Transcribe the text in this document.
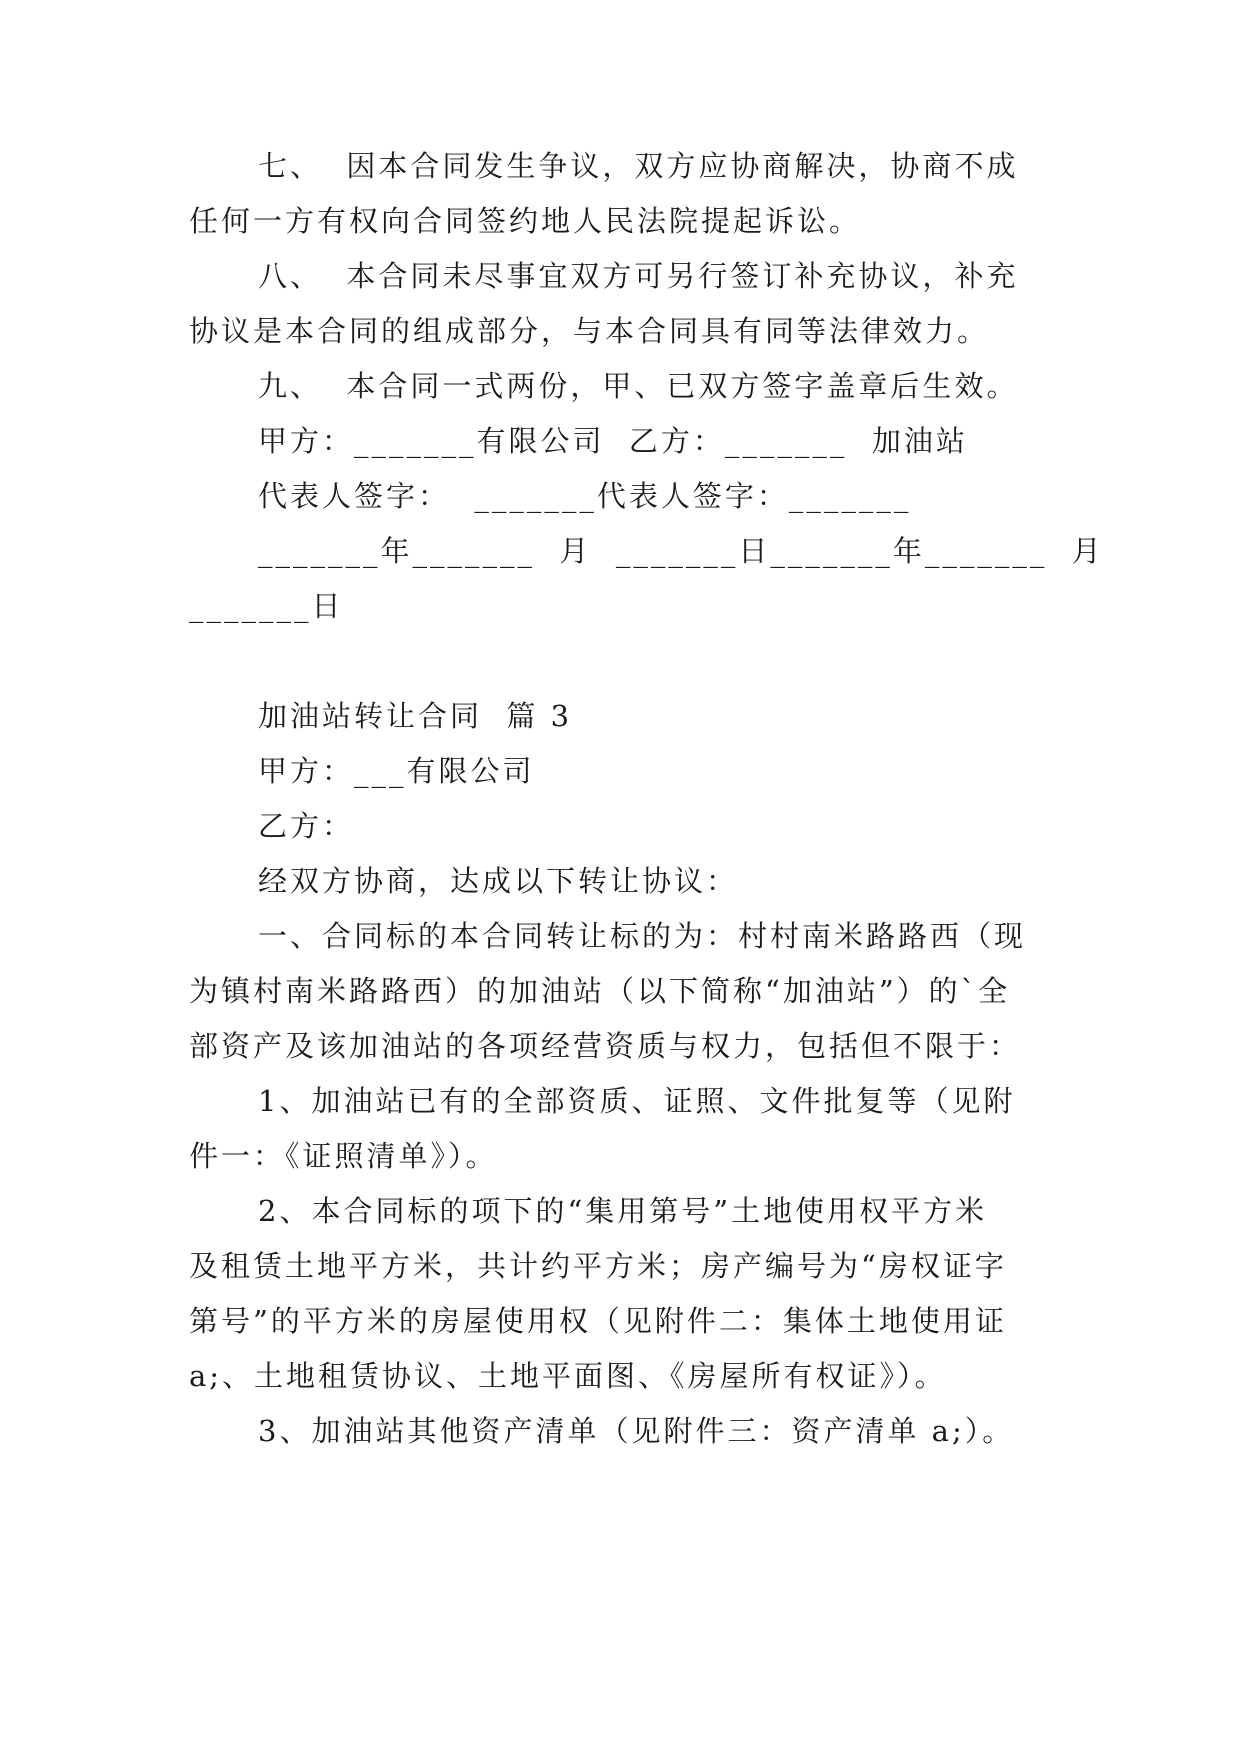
七、  因本合同发生争议，双方应协商解决，协商不成
任何一方有权向合同签约地人民法院提起诉讼。
八、  本合同未尽事宜双方可另行签订补充协议，补充
协议是本合同的组成部分，与本合同具有同等法律效力。
九、  本合同一式两份，甲、已双方签字盖章后生效。
甲方：_______有限公司  乙方：_______  加油站
代表人签字：  _______代表人签字：_______
_______年_______  月  _______日_______年_______  月
_______日
加油站转让合同  篇 3
甲方：___有限公司
乙方：
经双方协商，达成以下转让协议：
一、合同标的本合同转让标的为：村村南米路路西（现
为镇村南米路路西）的加油站（以下简称“加油站”）的`全
部资产及该加油站的各项经营资质与权力，包括但不限于：
1、加油站已有的全部资质、证照、文件批复等（见附
件一：《证照清单》）。
2、本合同标的项下的“集用第号”土地使用权平方米
及租赁土地平方米，共计约平方米；房产编号为“房权证字
第号”的平方米的房屋使用权（见附件二：集体土地使用证
a;、土地租赁协议、土地平面图、《房屋所有权证》）。
3、加油站其他资产清单（见附件三：资产清单 a;）。
